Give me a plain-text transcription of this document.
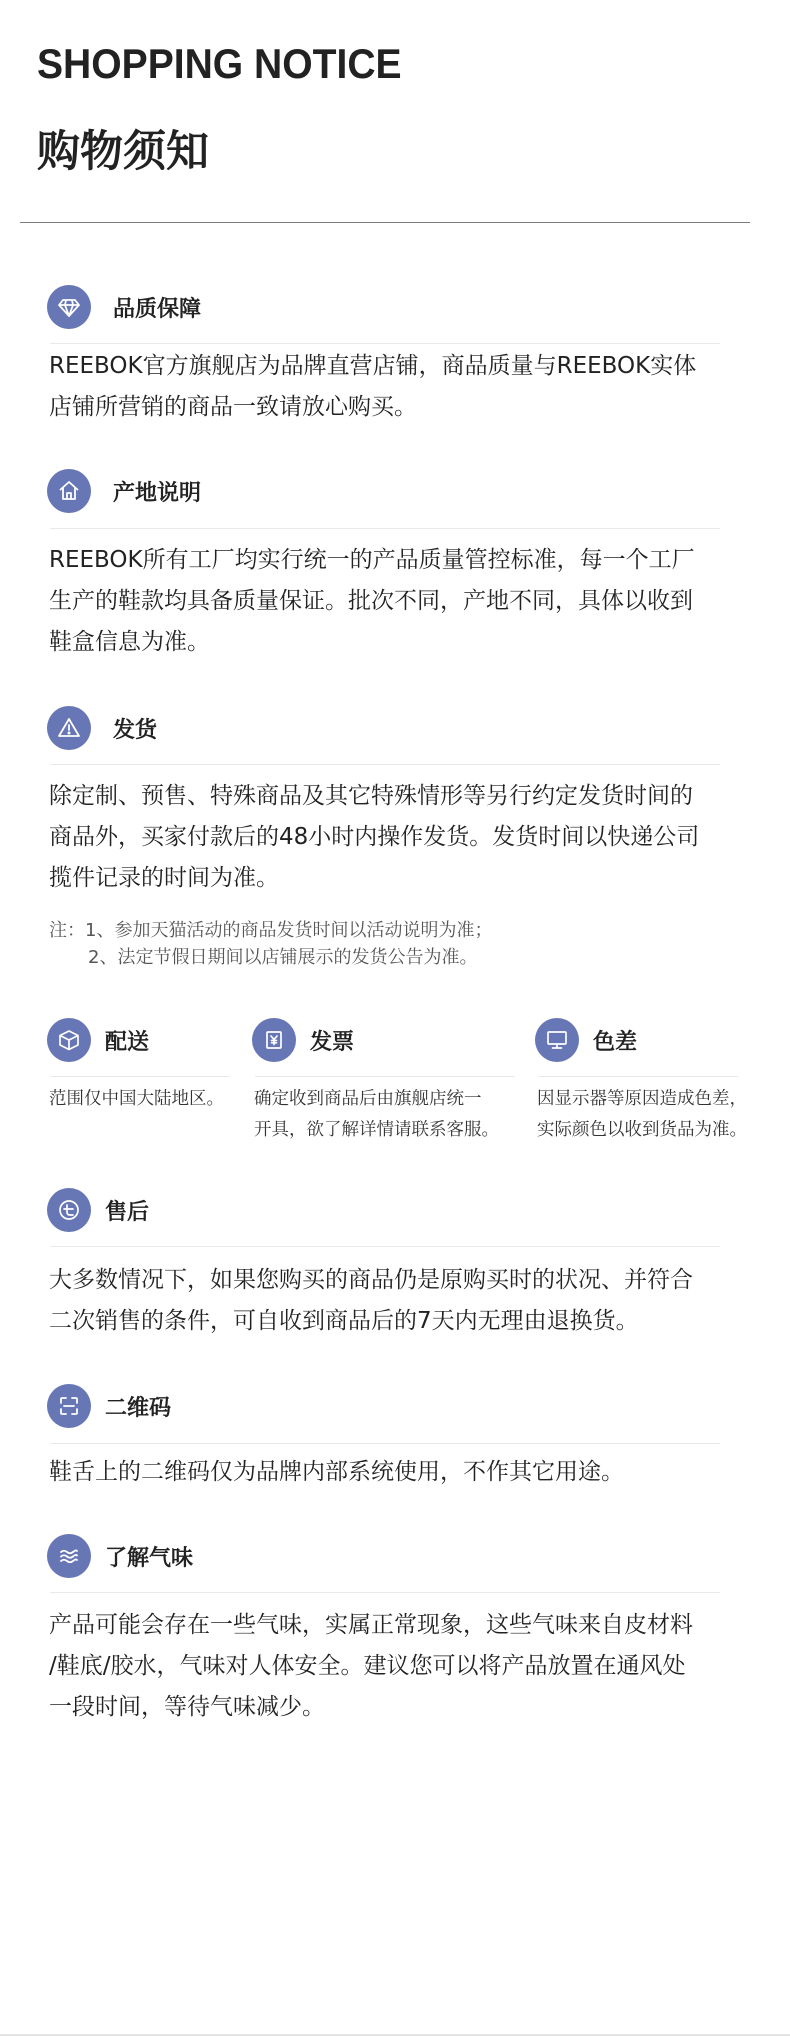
SHOPPING NOTICE
购物须知
品质保障

REEBOK官方旗舰店为品牌直营店铺，商品质量与REEBOK实体
店铺所营销的商品一致请放心购买。

产地说明

REEBOK所有工厂均实行统一的产品质量管控标准，每一个工厂
生产的鞋款均具备质量保证。批次不同，产地不同，具体以收到
鞋盒信息为准。

发货

除定制、预售、特殊商品及其它特殊情形等另行约定发货时间的
商品外，买家付款后的48小时内操作发货。发货时间以快递公司
揽件记录的时间为准。

注：1、参加天猫活动的商品发货时间以活动说明为准；
2、法定节假日期间以店铺展示的发货公告为准。
配送
范围仅中国大陆地区。
发票
确定收到商品后由旗舰店统一
开具，欲了解详情请联系客服。
色差
因显示器等原因造成色差，
实际颜色以收到货品为准。
售后

大多数情况下，如果您购买的商品仍是原购买时的状况、并符合
二次销售的条件，可自收到商品后的7天内无理由退换货。

二维码

鞋舌上的二维码仅为品牌内部系统使用，不作其它用途。

了解气味

产品可能会存在一些气味，实属正常现象，这些气味来自皮材料
/鞋底/胶水，气味对人体安全。建议您可以将产品放置在通风处
一段时间，等待气味减少。
